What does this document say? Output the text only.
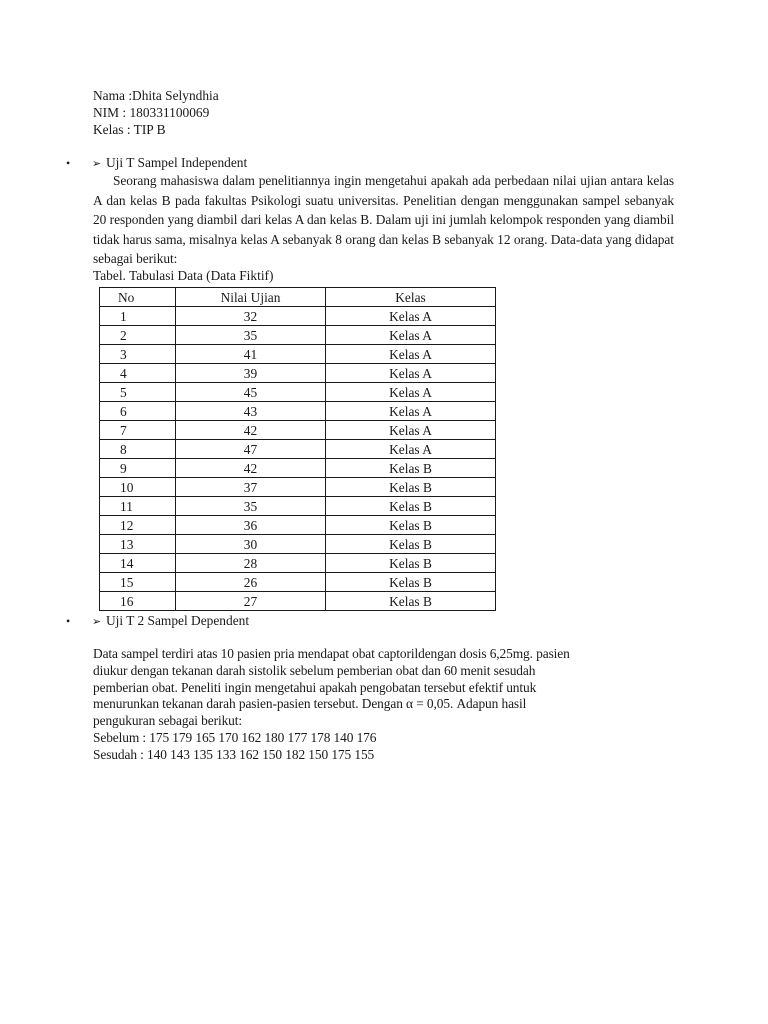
Nama :Dhita Selyndhia
NIM : 180331100069
Kelas : TIP B
• ➢ Uji T Sampel Independent
Seorang mahasiswa dalam penelitiannya ingin mengetahui apakah ada perbedaan nilai ujian antara kelas A dan kelas B pada fakultas Psikologi suatu universitas. Penelitian dengan menggunakan sampel sebanyak 20 responden yang diambil dari kelas A dan kelas B. Dalam uji ini jumlah kelompok responden yang diambil tidak harus sama, misalnya kelas A sebanyak 8 orang dan kelas B sebanyak 12 orang. Data-data yang didapat sebagai berikut:
Tabel. Tabulasi Data (Data Fiktif)
No	Nilai Ujian	Kelas
1	32	Kelas A
2	35	Kelas A
3	41	Kelas A
4	39	Kelas A
5	45	Kelas A
6	43	Kelas A
7	42	Kelas A
8	47	Kelas A
9	42	Kelas B
10	37	Kelas B
11	35	Kelas B
12	36	Kelas B
13	30	Kelas B
14	28	Kelas B
15	26	Kelas B
16	27	Kelas B
• ➢ Uji T 2 Sampel Dependent

Data sampel terdiri atas 10 pasien pria mendapat obat captorildengan dosis 6,25mg. pasien

diukur dengan tekanan darah sistolik sebelum pemberian obat dan 60 menit sesudah

pemberian obat. Peneliti ingin mengetahui apakah pengobatan tersebut efektif untuk

menurunkan tekanan darah pasien-pasien tersebut. Dengan α = 0,05. Adapun hasil

pengukuran sebagai berikut:

Sebelum : 175 179 165 170 162 180 177 178 140 176

Sesudah : 140 143 135 133 162 150 182 150 175 155
